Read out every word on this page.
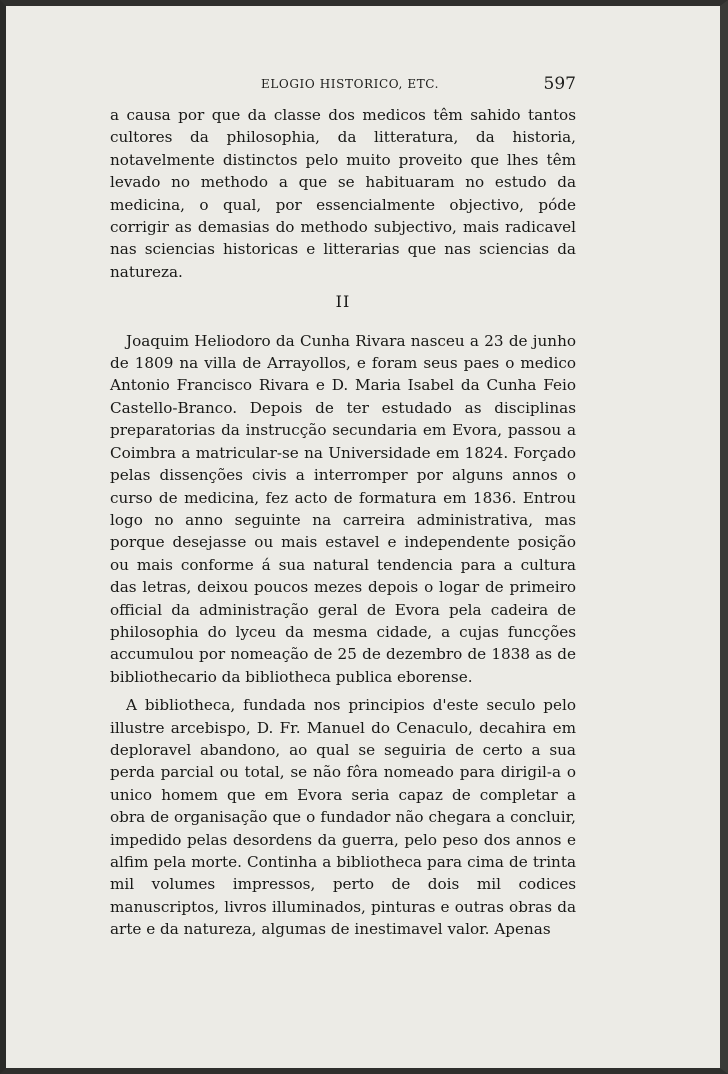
ELOGIO HISTORICO, ETC.	597

a causa por que da classe dos medicos têm sahido tantos cultores da philosophia, da litteratura, da historia, notavelmente distinctos pelo muito proveito que lhes têm levado no methodo a que se habituaram no estudo da medicina, o qual, por essencialmente objectivo, póde corrigir as demasias do methodo subjectivo, mais radicavel nas sciencias historicas e litterarias que nas sciencias da natureza.

II

Joaquim Heliodoro da Cunha Rivara nasceu a 23 de junho de 1809 na villa de Arrayollos, e foram seus paes o medico Antonio Francisco Rivara e D. Maria Isabel da Cunha Feio Castello-Branco. Depois de ter estudado as disciplinas preparatorias da instrucção secundaria em Evora, passou a Coimbra a matricular-se na Universidade em 1824. Forçado pelas dissenções civis a interromper por alguns annos o curso de medicina, fez acto de formatura em 1836. Entrou logo no anno seguinte na carreira administrativa, mas porque desejasse ou mais estavel e independente posição ou mais conforme á sua natural tendencia para a cultura das letras, deixou poucos mezes depois o logar de primeiro official da administração geral de Evora pela cadeira de philosophia do lyceu da mesma cidade, a cujas funcções accumulou por nomeação de 25 de dezembro de 1838 as de bibliothecario da bibliotheca publica eborense.

A bibliotheca, fundada nos principios d'este seculo pelo illustre arcebispo, D. Fr. Manuel do Cenaculo, decahira em deploravel abandono, ao qual se seguiria de certo a sua perda parcial ou total, se não fôra nomeado para dirigil-a o unico homem que em Evora seria capaz de completar a obra de organisação que o fundador não chegara a concluir, impedido pelas desordens da guerra, pelo peso dos annos e alfim pela morte. Continha a bibliotheca para cima de trinta mil volumes impressos, perto de dois mil codices manuscriptos, livros illuminados, pinturas e outras obras da arte e da natureza, algumas de inestimavel valor. Apenas
